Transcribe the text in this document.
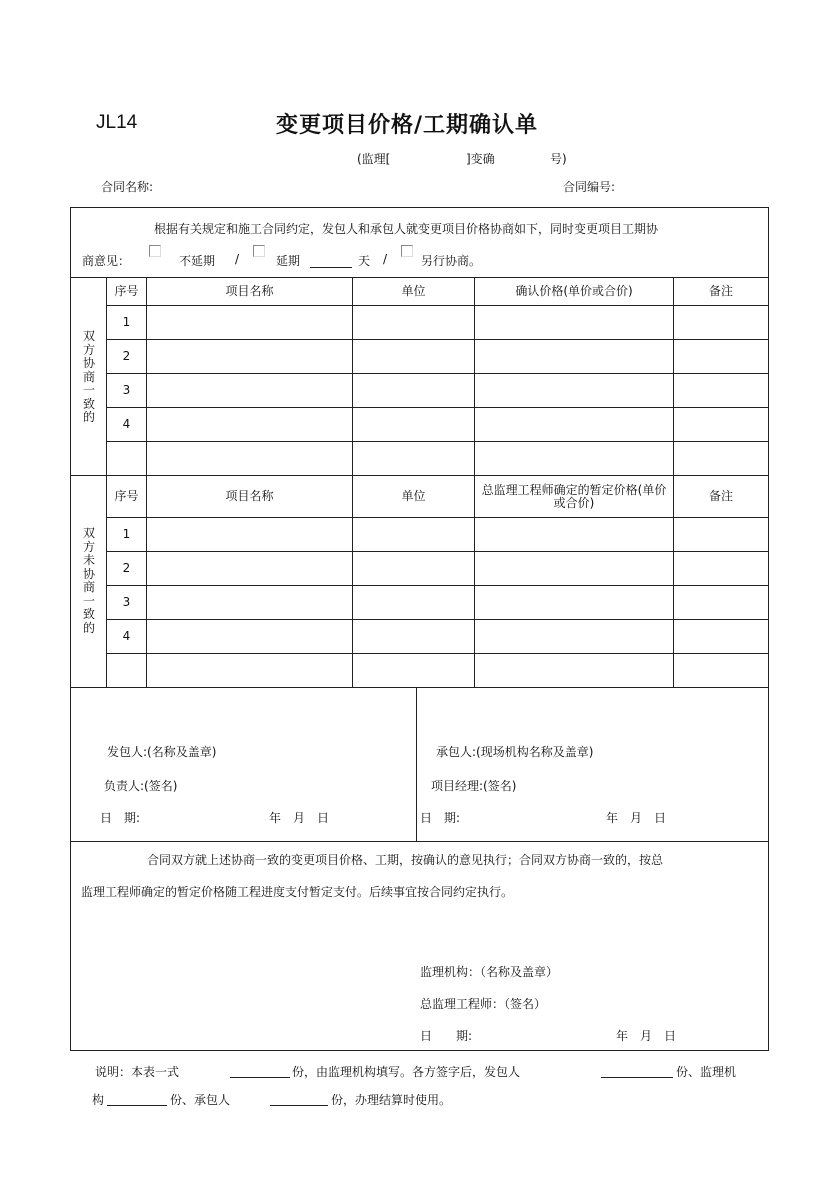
JL14	变更项目价格/工期确认单
(监理[	]变确	号)
合同名称:	合同编号:
根据有关规定和施工合同约定，发包人和承包人就变更项目价格协商如下，同时变更项目工期协
商意见：	不延期 /	延期	天 /	另行协商。
双方协商一致的
序号	项目名称	单位	确认价格(单价或合价)	备注
1
2
3
4
双方未协商一致的
序号	项目名称	单位	总监理工程师确定的暂定价格(单价或合价)	备注
1
2
3
4
发包人:(名称及盖章)
负责人:(签名)
日　期:	年　月　日
承包人:(现场机构名称及盖章)
项目经理:(签名)
日　期:	年　月　日
合同双方就上述协商一致的变更项目价格、工期，按确认的意见执行；合同双方协商一致的，按总
监理工程师确定的暂定价格随工程进度支付暂定支付。后续事宜按合同约定执行。
监理机构：（名称及盖章）
总监理工程师：（签名）
日　　期:	年　月　日
说明：本表一式	份，由监理机构填写。各方签字后，发包人	份、监理机
构	份、承包人	份，办理结算时使用。
